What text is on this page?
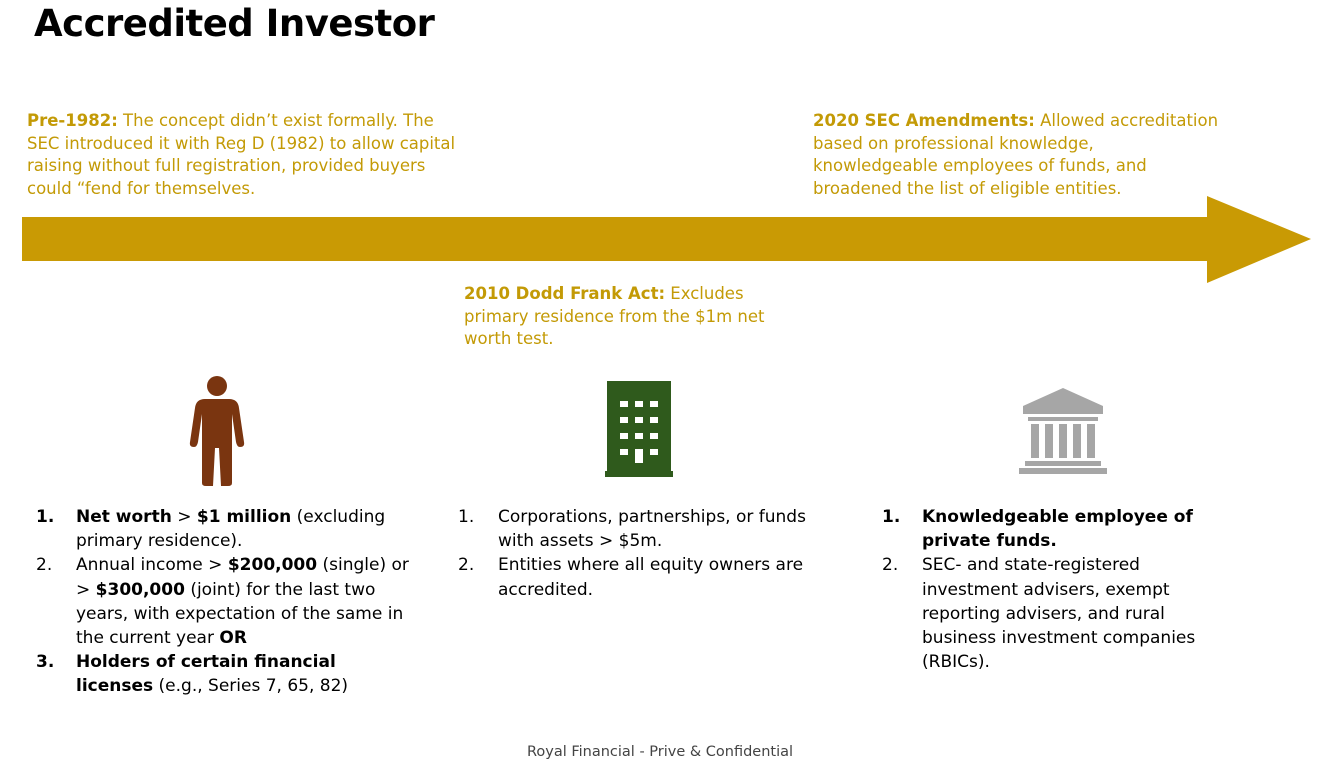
Accredited Investor
Pre-1982: The concept didn’t exist formally. The SEC introduced it with Reg D (1982) to allow capital raising without full registration, provided buyers could “fend for themselves.
2020 SEC Amendments: Allowed accreditation based on professional knowledge, knowledgeable employees of funds, and broadened the list of eligible entities.
2010 Dodd Frank Act: Excludes primary residence from the $1m net worth test.
1. Net worth > $1 million (excluding primary residence).
2. Annual income > $200,000 (single) or > $300,000 (joint) for the last two years, with expectation of the same in the current year OR
3. Holders of certain financial licenses (e.g., Series 7, 65, 82)
1. Corporations, partnerships, or funds with assets > $5m.
2. Entities where all equity owners are accredited.
1. Knowledgeable employee of private funds.
2. SEC- and state-registered investment advisers, exempt reporting advisers, and rural business investment companies (RBICs).
Royal Financial - Prive & Confidential
